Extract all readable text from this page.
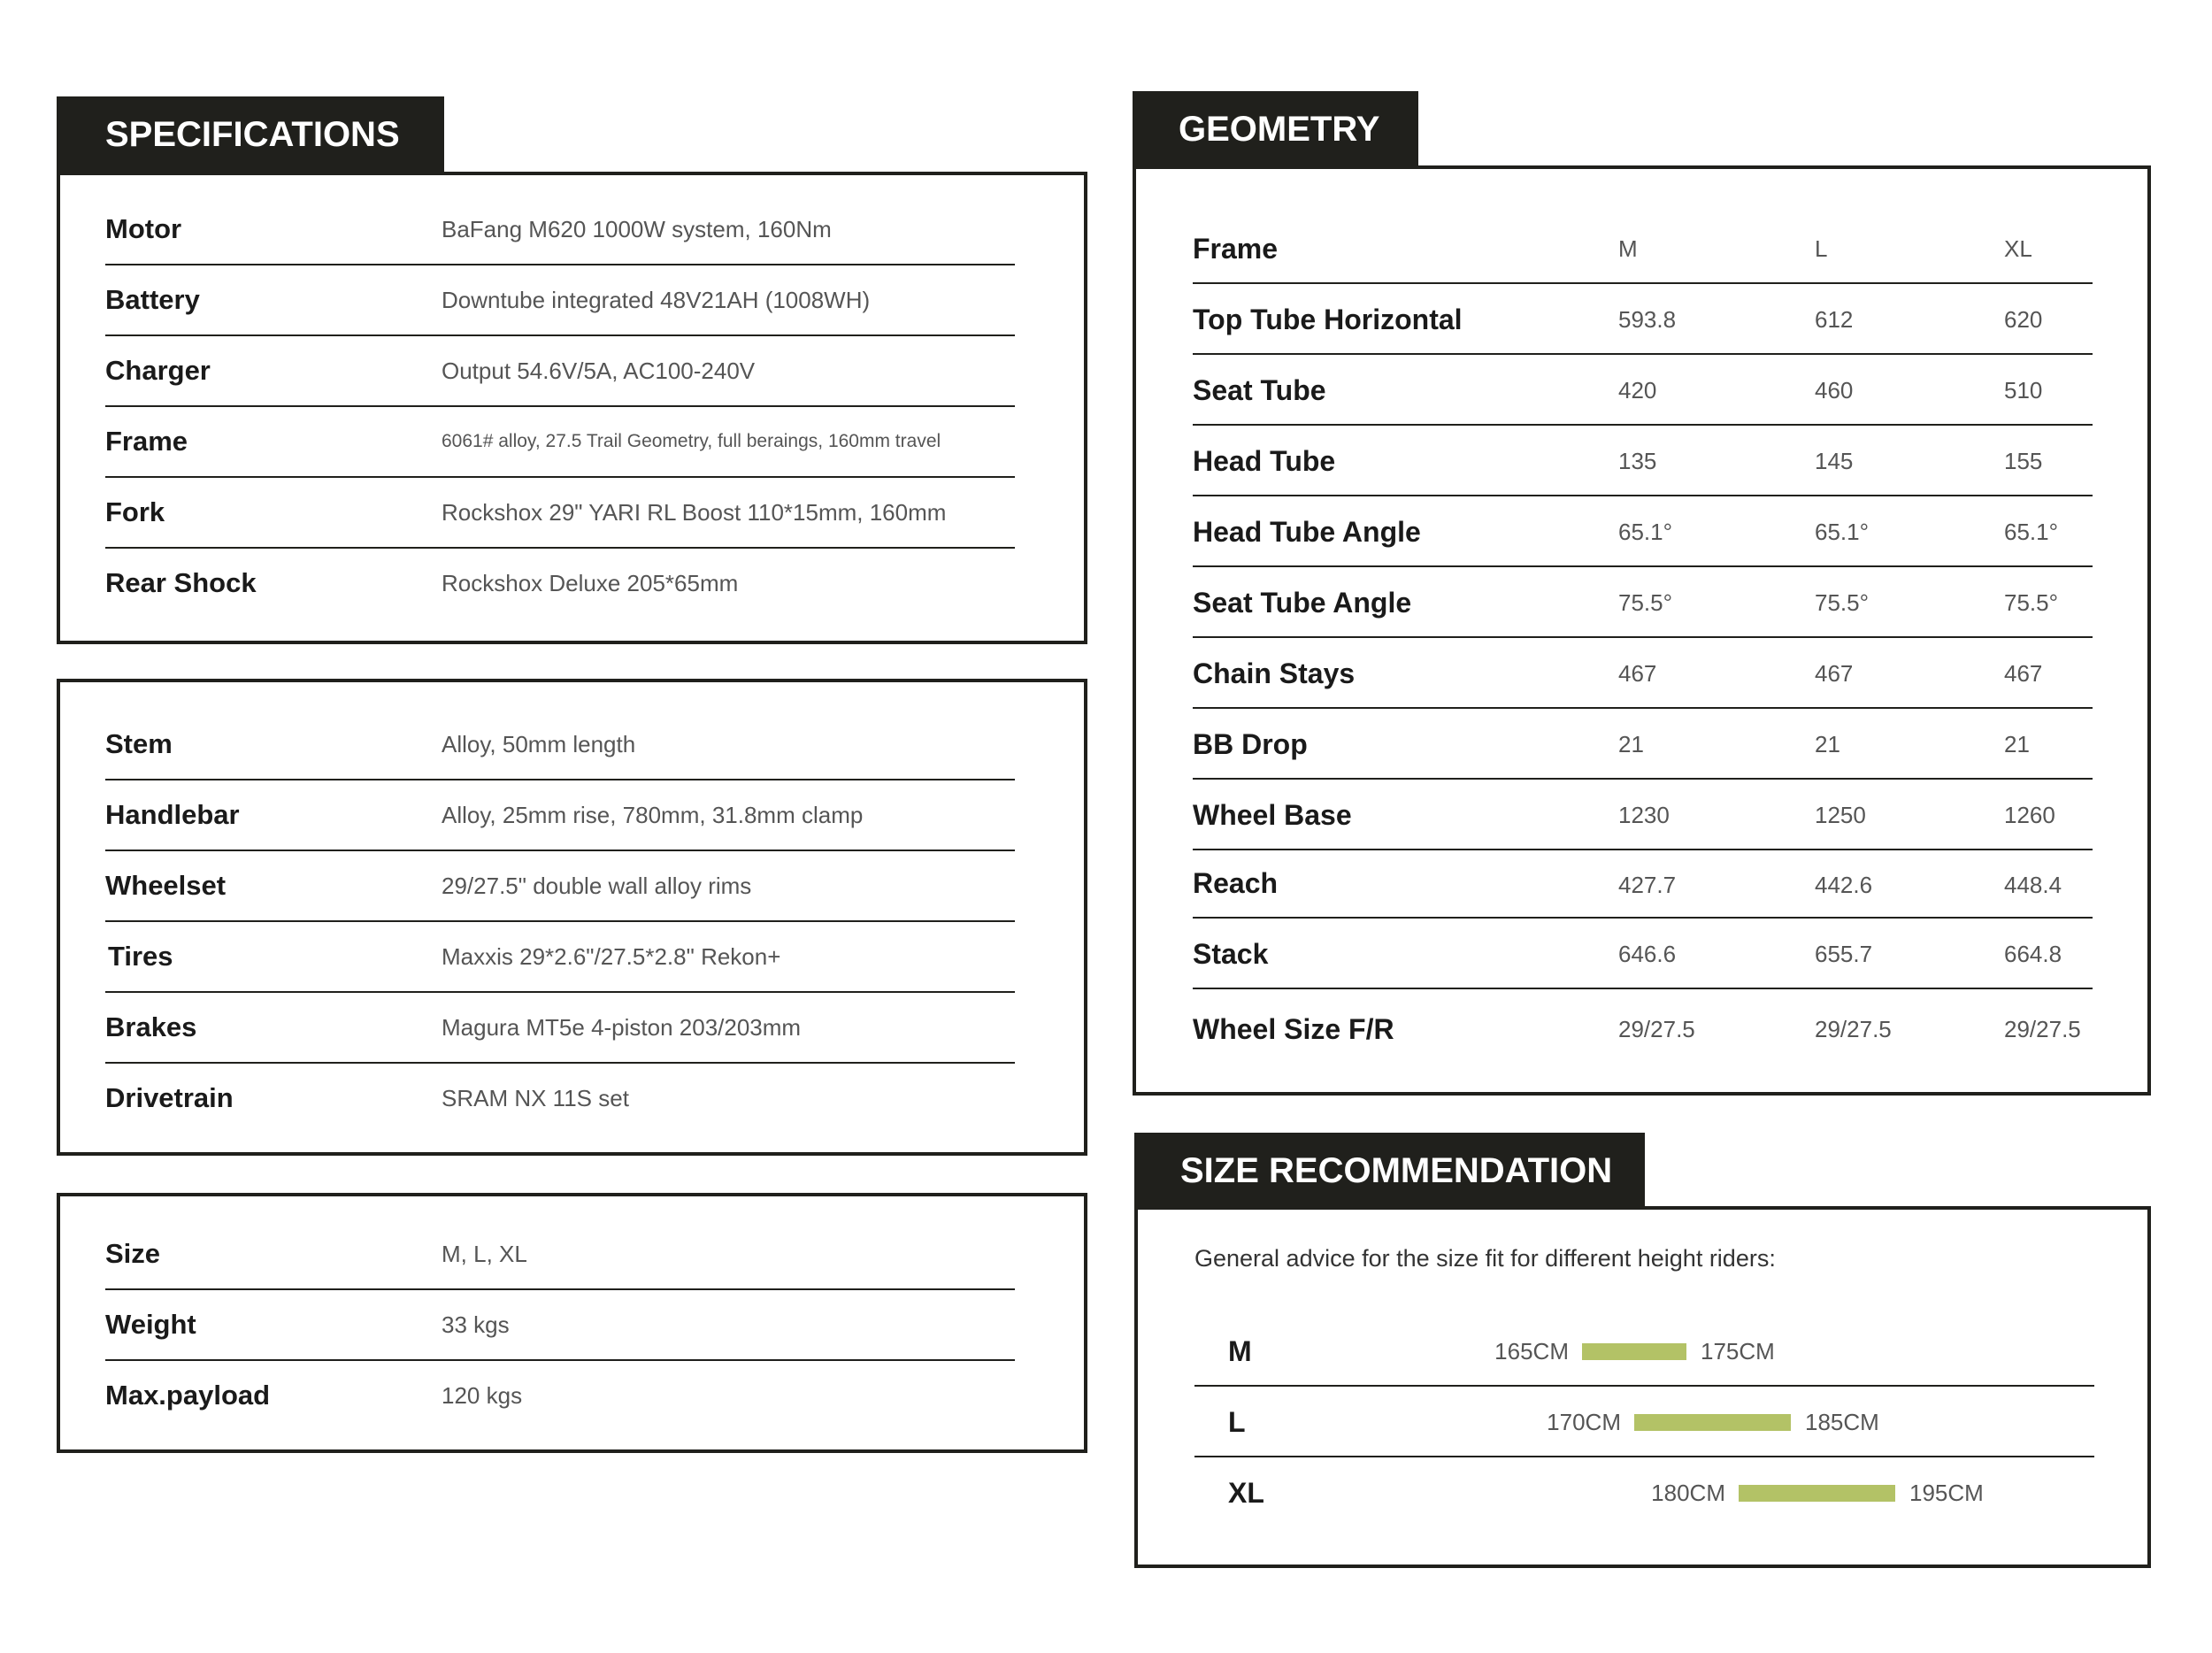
SPECIFICATIONS
Motor	BaFang M620 1000W system, 160Nm
Battery	Downtube integrated 48V21AH (1008WH)
Charger	Output 54.6V/5A, AC100-240V
Frame	6061# alloy, 27.5 Trail Geometry, full beraings, 160mm travel
Fork	Rockshox 29" YARI RL Boost 110*15mm, 160mm
Rear Shock	Rockshox Deluxe 205*65mm
Stem	Alloy, 50mm length
Handlebar	Alloy, 25mm rise, 780mm, 31.8mm clamp
Wheelset	29/27.5" double wall alloy rims
Tires	Maxxis 29*2.6"/27.5*2.8" Rekon+
Brakes	Magura MT5e 4-piston 203/203mm
Drivetrain	SRAM NX 11S set
Size	M, L, XL
Weight	33 kgs
Max.payload	120 kgs
GEOMETRY
Frame	M	L	XL
Top Tube Horizontal	593.8	612	620
Seat Tube	420	460	510
Head Tube	135	145	155
Head Tube Angle	65.1°	65.1°	65.1°
Seat Tube Angle	75.5°	75.5°	75.5°
Chain Stays	467	467	467
BB Drop	21	21	21
Wheel Base	1230	1250	1260
Reach	427.7	442.6	448.4
Stack	646.6	655.7	664.8
Wheel Size F/R	29/27.5	29/27.5	29/27.5
SIZE RECOMMENDATION
General advice for the size fit for different height riders:
M	165CM	175CM
L	170CM	185CM
XL	180CM	195CM
